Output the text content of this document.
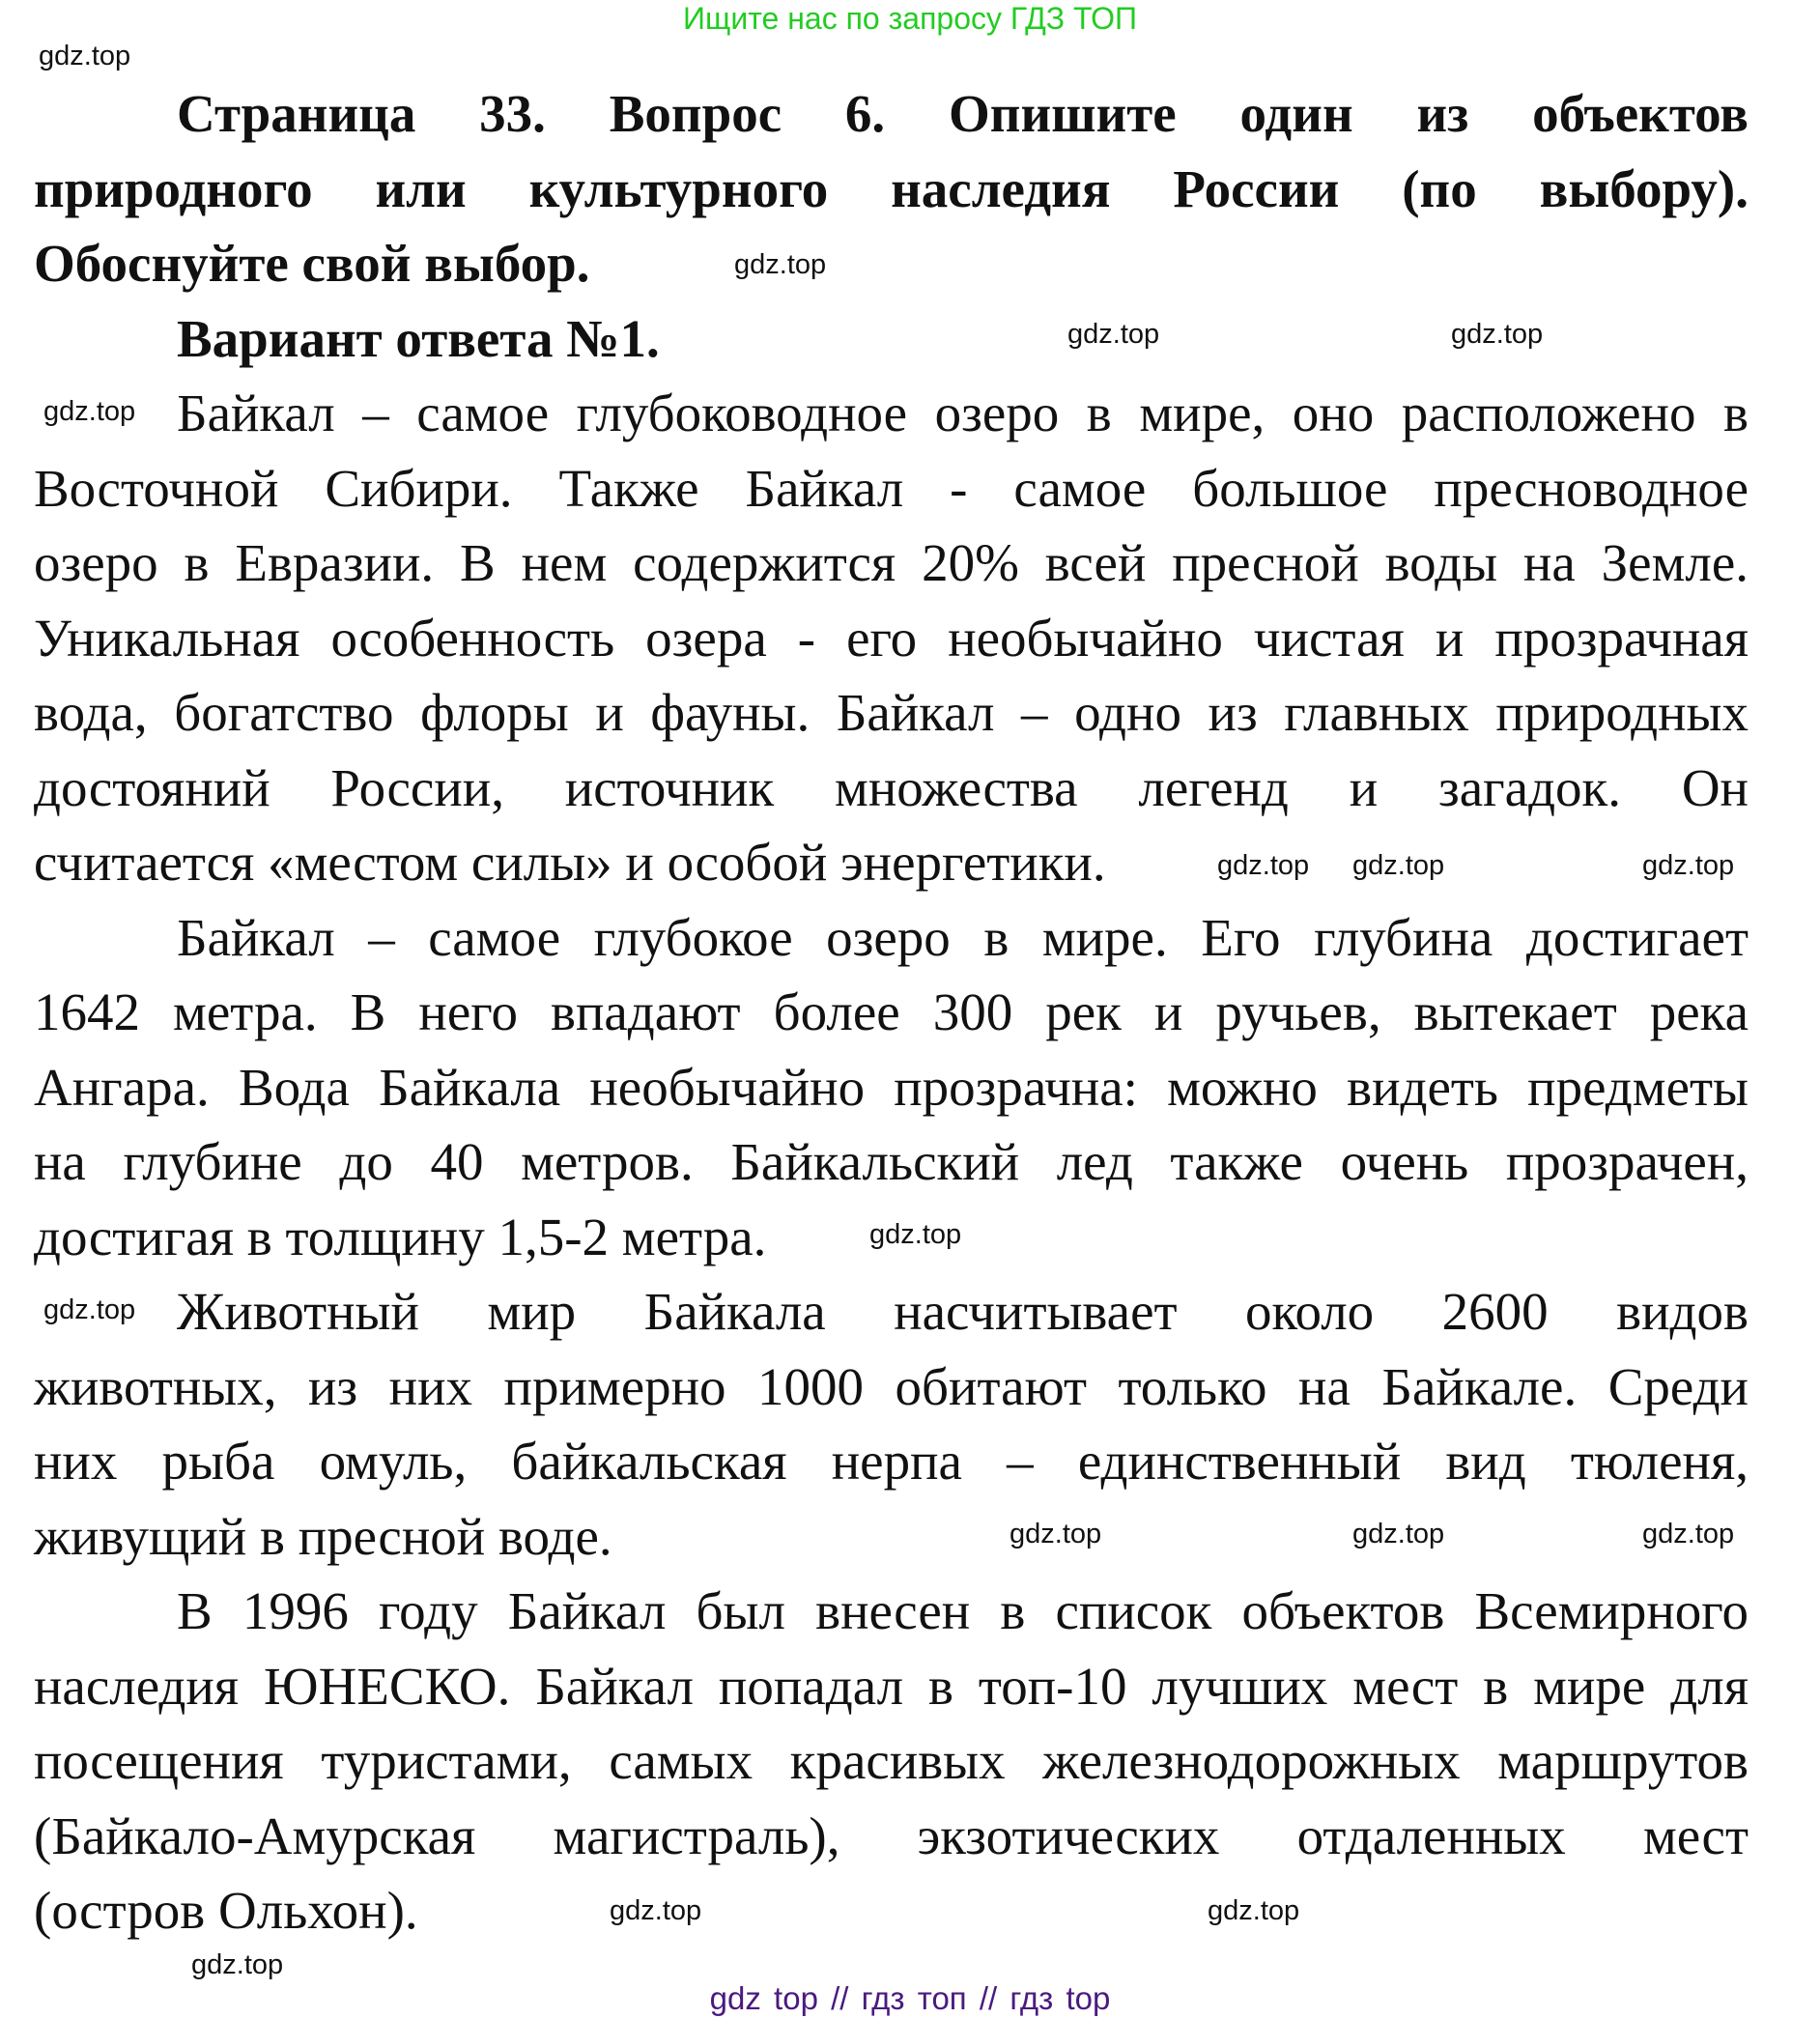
Ищите нас по запросу ГДЗ ТОП
Страница 33. Вопрос 6. Опишите один из объектов
природного или культурного наследия России (по выбору).
Обоснуйте свой выбор.
Вариант ответа №1.
Байкал – самое глубоководное озеро в мире, оно расположено в
Восточной Сибири. Также Байкал - самое большое пресноводное
озеро в Евразии. В нем содержится 20% всей пресной воды на Земле.
Уникальная особенность озера - его необычайно чистая и прозрачная
вода, богатство флоры и фауны. Байкал – одно из главных природных
достояний России, источник множества легенд и загадок. Он
считается «местом силы» и особой энергетики.
Байкал – самое глубокое озеро в мире. Его глубина достигает
1642 метра. В него впадают более 300 рек и ручьев, вытекает река
Ангара. Вода Байкала необычайно прозрачна: можно видеть предметы
на глубине до 40 метров. Байкальский лед также очень прозрачен,
достигая в толщину 1,5-2 метра.
Животный мир Байкала насчитывает около 2600 видов
животных, из них примерно 1000 обитают только на Байкале. Среди
них рыба омуль, байкальская нерпа – единственный вид тюленя,
живущий в пресной воде.
В 1996 году Байкал был внесен в список объектов Всемирного
наследия ЮНЕСКО. Байкал попадал в топ-10 лучших мест в мире для
посещения туристами, самых красивых железнодорожных маршрутов
(Байкало-Амурская магистраль), экзотических отдаленных мест
(остров Ольхон).
gdz.top
gdz.top
gdz.top	gdz.top
gdz.top
gdz.top gdz.top	gdz.top
gdz.top
gdz.top
gdz.top
gdz.top	gdz.top
gdz.top
gdz.top
gdz.top
gdz top // гдз топ // гдз top
